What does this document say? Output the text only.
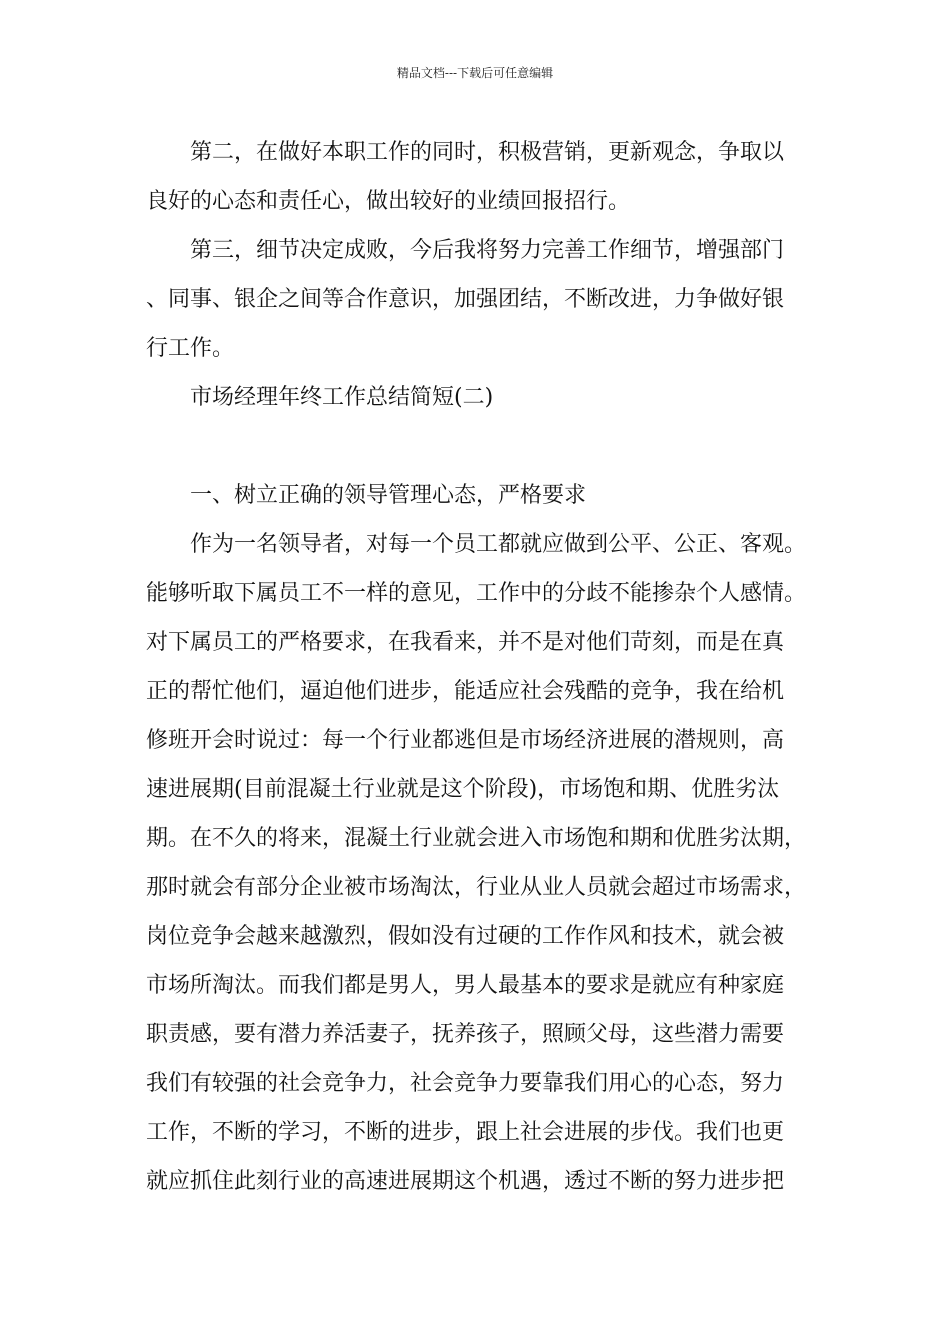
精品文档---下载后可任意编辑
第二，在做好本职工作的同时，积极营销，更新观念，争取以
良好的心态和责任心，做出较好的业绩回报招行。
第三，细节决定成败，今后我将努力完善工作细节，增强部门
、同事、银企之间等合作意识，加强团结，不断改进，力争做好银
行工作。
市场经理年终工作总结简短(二)
一、树立正确的领导管理心态，严格要求
作为一名领导者，对每一个员工都就应做到公平、公正、客观。
能够听取下属员工不一样的意见，工作中的分歧不能掺杂个人感情。
对下属员工的严格要求，在我看来，并不是对他们苛刻，而是在真
正的帮忙他们，逼迫他们进步，能适应社会残酷的竞争，我在给机
修班开会时说过：每一个行业都逃但是市场经济进展的潜规则，高
速进展期(目前混凝土行业就是这个阶段)，市场饱和期、优胜劣汰
期。在不久的将来，混凝土行业就会进入市场饱和期和优胜劣汰期，
那时就会有部分企业被市场淘汰，行业从业人员就会超过市场需求，
岗位竞争会越来越激烈，假如没有过硬的工作作风和技术，就会被
市场所淘汰。而我们都是男人，男人最基本的要求是就应有种家庭
职责感，要有潜力养活妻子，抚养孩子，照顾父母，这些潜力需要
我们有较强的社会竞争力，社会竞争力要靠我们用心的心态，努力
工作，不断的学习，不断的进步，跟上社会进展的步伐。我们也更
就应抓住此刻行业的高速进展期这个机遇，透过不断的努力进步把
